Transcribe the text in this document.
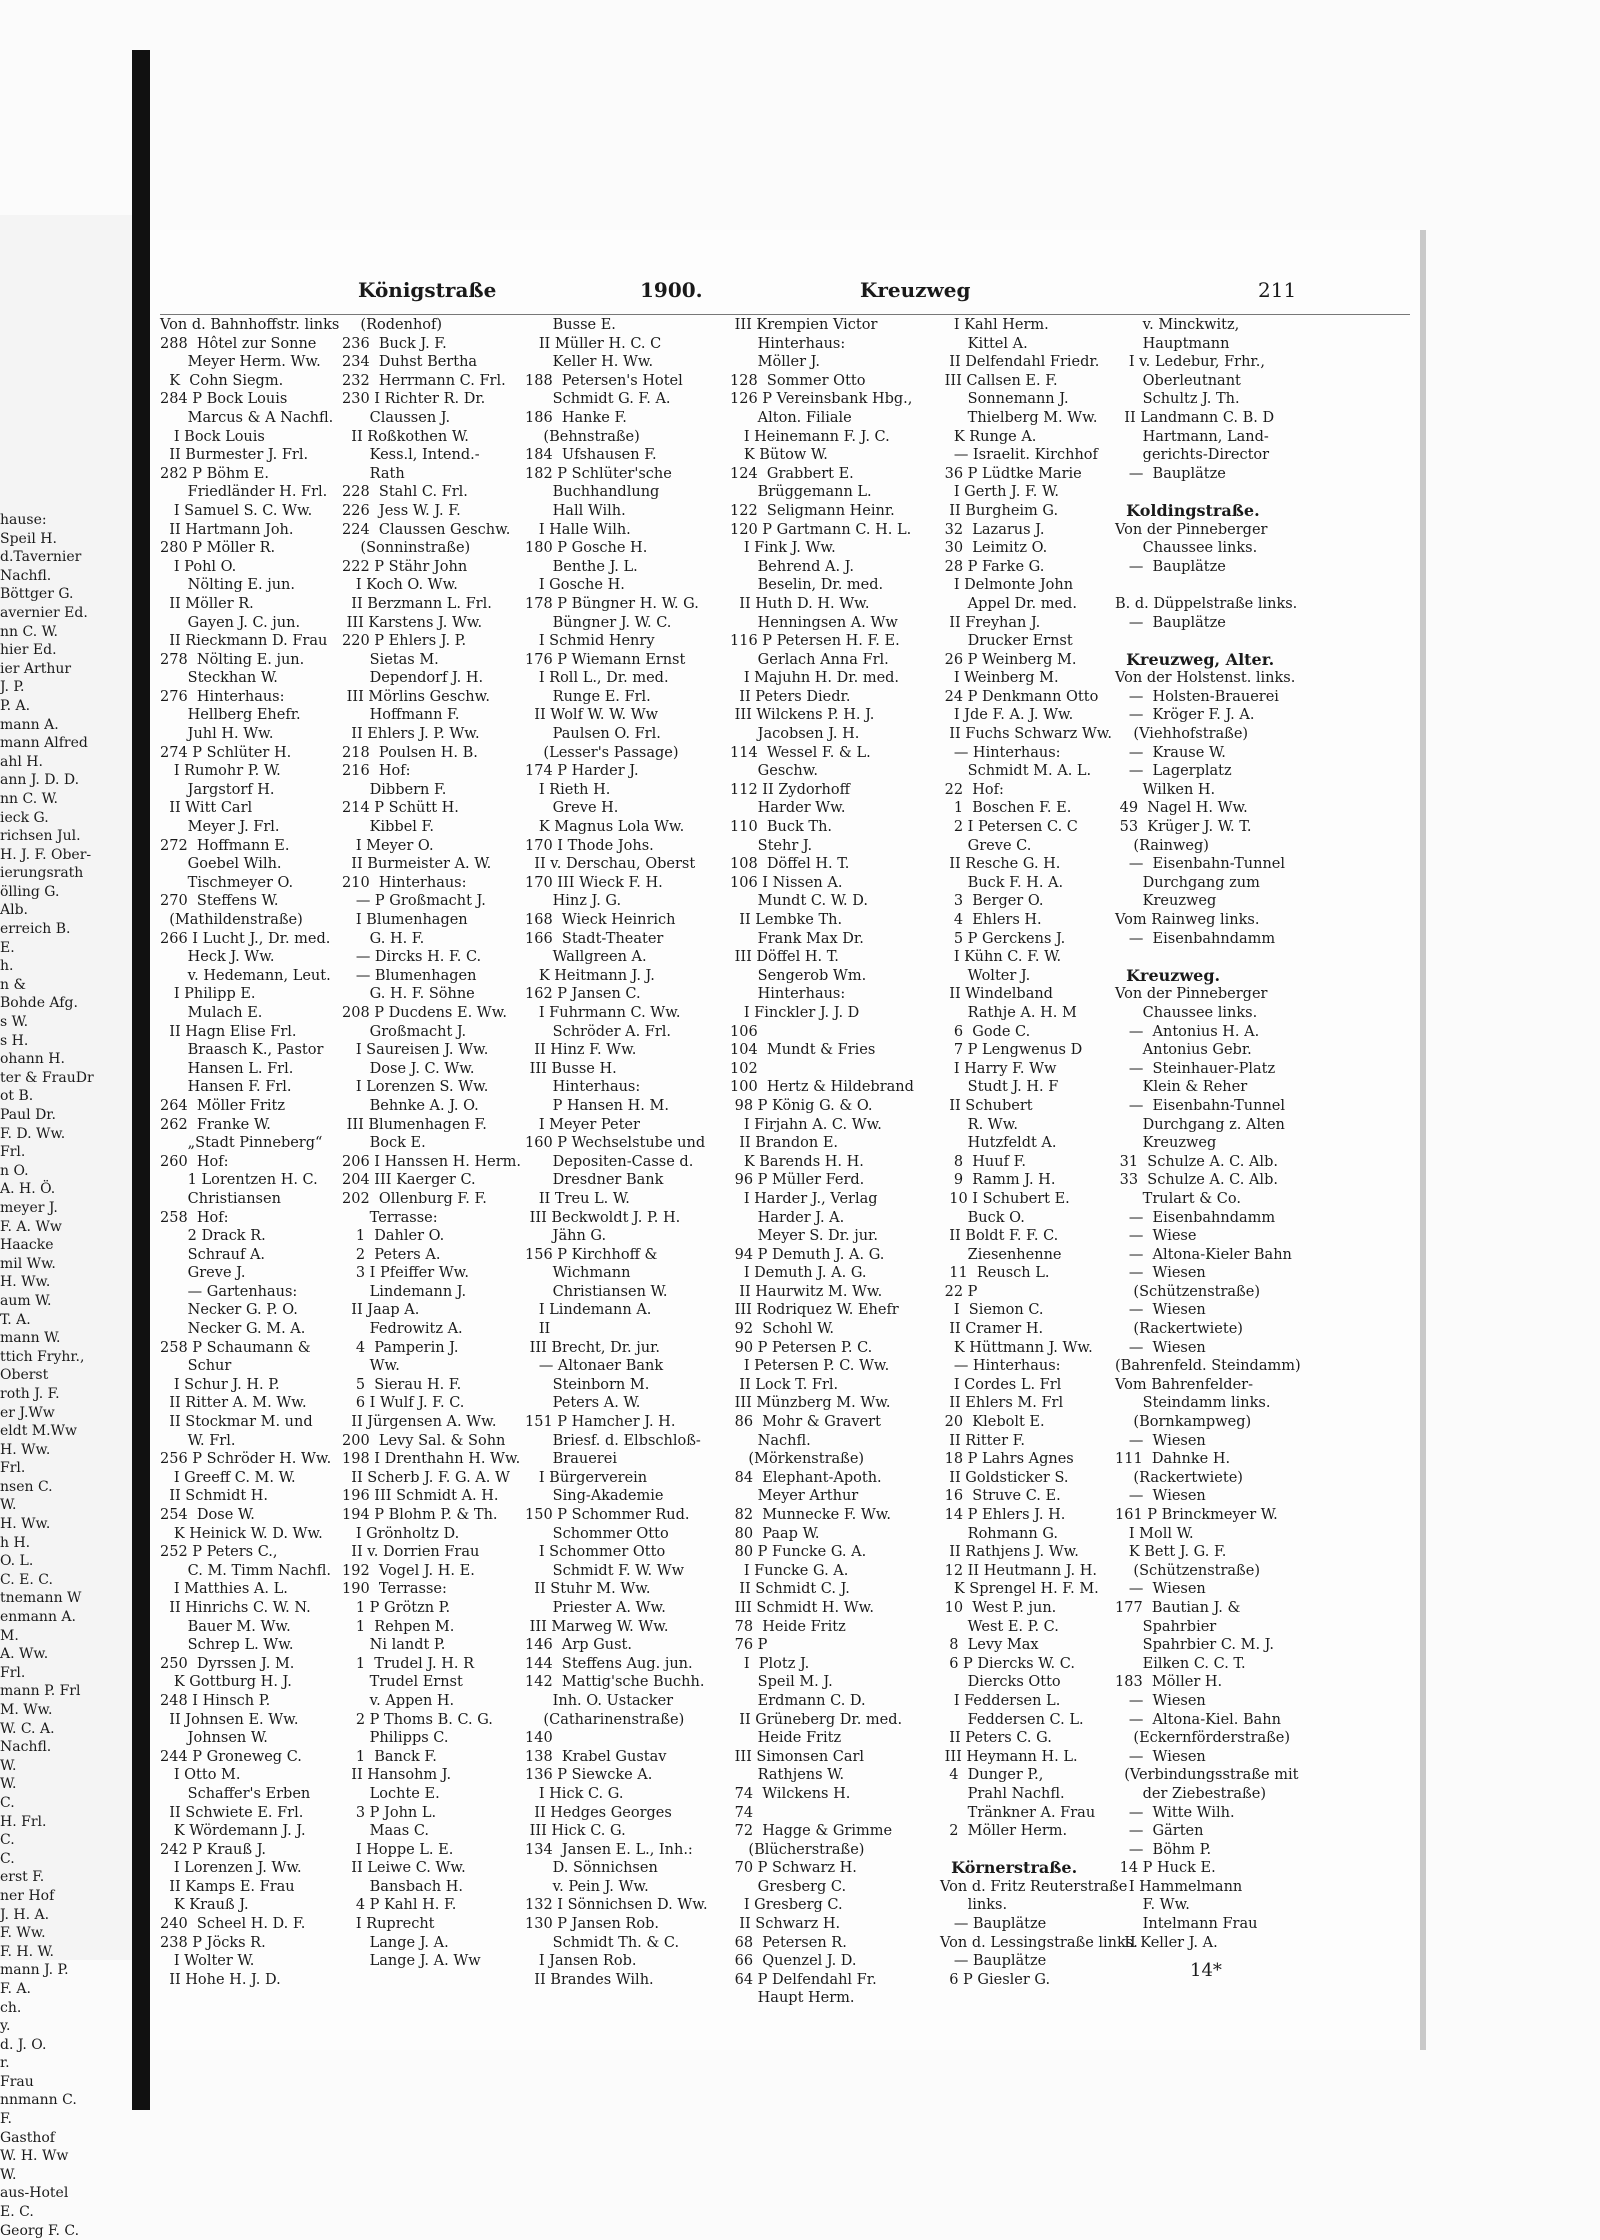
hause:
Speil H.
d.Tavernier
Nachfl.
Böttger G.
avernier Ed.
nn C. W.
hier Ed.
ier Arthur
J. P.
P. A.
mann A.
mann Alfred
ahl H.
ann J. D. D.
nn C. W.
ieck G.
richsen Jul.
H. J. F. Ober-
ierungsrath
ölling G.
Alb.
erreich B.
E.
h.
n &
Bohde Afg.
s W.
s H.
ohann H.
ter & FrauDr
ot B.
Paul Dr.
F. D. Ww.
Frl.
n O.
A. H. Ö.
meyer J.
F. A. Ww
Haacke
mil Ww.
H. Ww.
aum W.
T. A.
mann W.
ttich Fryhr.,
Oberst
roth J. F.
er J.Ww
eldt M.Ww
H. Ww.
Frl.
nsen C.
W.
H. Ww.
h H.
O. L.
C. E. C.
tnemann W
enmann A.
M.
A. Ww.
Frl.
mann P. Frl
M. Ww.
W. C. A.
Nachfl.
W.
W.
C.
H. Frl.
C.
C.
erst F.
ner Hof
J. H. A.
F. Ww.
F. H. W.
mann J. P.
F. A.
ch.
y.
d. J. O.
r.
Frau
nnmann C.
F.
Gasthof
W. H. Ww
W.
aus-Hotel
E. C.
Georg F. C.
Königstraße	1900.	Kreuzweg	211
Von d. Bahnhoffstr. links
288  Hôtel zur Sonne
Meyer Herm. Ww.
K  Cohn Siegm.
284 P Bock Louis
Marcus & A Nachfl.
I Bock Louis
II Burmester J. Frl.
282 P Böhm E.
Friedländer H. Frl.
I Samuel S. C. Ww.
II Hartmann Joh.
280 P Möller R.
I Pohl O.
Nölting E. jun.
II Möller R.
Gayen J. C. jun.
II Rieckmann D. Frau
278  Nölting E. jun.
Steckhan W.
276  Hinterhaus:
Hellberg Ehefr.
Juhl H. Ww.
274 P Schlüter H.
I Rumohr P. W.
Jargstorf H.
II Witt Carl
Meyer J. Frl.
272  Hoffmann E.
Goebel Wilh.
Tischmeyer O.
270  Steffens W.
(Mathildenstraße)
266 I Lucht J., Dr. med.
Heck J. Ww.
v. Hedemann, Leut.
I Philipp E.
Mulach E.
II Hagn Elise Frl.
Braasch K., Pastor
Hansen L. Frl.
Hansen F. Frl.
264  Möller Fritz
262  Franke W.
„Stadt Pinneberg“
260  Hof:
1 Lorentzen H. C.
Christiansen
258  Hof:
2 Drack R.
Schrauf A.
Greve J.
— Gartenhaus:
Necker G. P. O.
Necker G. M. A.
258 P Schaumann &
Schur
I Schur J. H. P.
II Ritter A. M. Ww.
II Stockmar M. und
W. Frl.
256 P Schröder H. Ww.
I Greeff C. M. W.
II Schmidt H.
254  Dose W.
K Heinick W. D. Ww.
252 P Peters C.,
C. M. Timm Nachfl.
I Matthies A. L.
II Hinrichs C. W. N.
Bauer M. Ww.
Schrep L. Ww.
250  Dyrssen J. M.
K Gottburg H. J.
248 I Hinsch P.
II Johnsen E. Ww.
Johnsen W.
244 P Groneweg C.
I Otto M.
Schaffer's Erben
II Schwiete E. Frl.
K Wördemann J. J.
242 P Krauß J.
I Lorenzen J. Ww.
II Kamps E. Frau
K Krauß J.
240  Scheel H. D. F.
238 P Jöcks R.
I Wolter W.
II Hohe H. J. D.
(Rodenhof)
236  Buck J. F.
234  Duhst Bertha
232  Herrmann C. Frl.
230 I Richter R. Dr.
Claussen J.
II Roßkothen W.
Kess.l, Intend.-
Rath
228  Stahl C. Frl.
226  Jess W. J. F.
224  Claussen Geschw.
(Sonninstraße)
222 P Stähr John
I Koch O. Ww.
II Berzmann L. Frl.
III Karstens J. Ww.
220 P Ehlers J. P.
Sietas M.
Dependorf J. H.
III Mörlins Geschw.
Hoffmann F.
II Ehlers J. P. Ww.
218  Poulsen H. B.
216  Hof:
Dibbern F.
214 P Schütt H.
Kibbel F.
I Meyer O.
II Burmeister A. W.
210  Hinterhaus:
— P Großmacht J.
I Blumenhagen
G. H. F.
— Dircks H. F. C.
— Blumenhagen
G. H. F. Söhne
208 P Ducdens E. Ww.
Großmacht J.
I Saureisen J. Ww.
Dose J. C. Ww.
I Lorenzen S. Ww.
Behnke A. J. O.
III Blumenhagen F.
Bock E.
206 I Hanssen H. Herm.
204 III Kaerger C.
202  Ollenburg F. F.
Terrasse:
1  Dahler O.
2  Peters A.
3 I Pfeiffer Ww.
Lindemann J.
II Jaap A.
Fedrowitz A.
4  Pamperin J.
Ww.
5  Sierau H. F.
6 I Wulf J. F. C.
II Jürgensen A. Ww.
200  Levy Sal. & Sohn
198 I Drenthahn H. Ww.
II Scherb J. F. G. A. W
196 III Schmidt A. H.
194 P Blohm P. & Th.
I Grönholtz D.
II v. Dorrien Frau
192  Vogel J. H. E.
190  Terrasse:
1 P Grötzn P.
1  Rehpen M.
Ni landt P.
1  Trudel J. H. R
Trudel Ernst
v. Appen H.
2 P Thoms B. C. G.
Philipps C.
1  Banck F.
II Hansohm J.
Lochte E.
3 P John L.
Maas C.
I Hoppe L. E.
II Leiwe C. Ww.
Bansbach H.
4 P Kahl H. F.
I Ruprecht
Lange J. A.
Lange J. A. Ww
Busse E.
II Müller H. C. C
Keller H. Ww.
188  Petersen's Hotel
Schmidt G. F. A.
186  Hanke F.
(Behnstraße)
184  Ufshausen F.
182 P Schlüter'sche
Buchhandlung
Hall Wilh.
I Halle Wilh.
180 P Gosche H.
Benthe J. L.
I Gosche H.
178 P Büngner H. W. G.
Büngner J. W. C.
I Schmid Henry
176 P Wiemann Ernst
I Roll L., Dr. med.
Runge E. Frl.
II Wolf W. W. Ww
Paulsen O. Frl.
(Lesser's Passage)
174 P Harder J.
I Rieth H.
Greve H.
K Magnus Lola Ww.
170 I Thode Johs.
II v. Derschau, Oberst
170 III Wieck F. H.
Hinz J. G.
168  Wieck Heinrich
166  Stadt-Theater
Wallgreen A.
K Heitmann J. J.
162 P Jansen C.
I Fuhrmann C. Ww.
Schröder A. Frl.
II Hinz F. Ww.
III Busse H.
Hinterhaus:
P Hansen H. M.
I Meyer Peter
160 P Wechselstube und
Depositen-Casse d.
Dresdner Bank
II Treu L. W.
III Beckwoldt J. P. H.
Jähn G.
156 P Kirchhoff &
Wichmann
Christiansen W.
I Lindemann A.
II
III Brecht, Dr. jur.
— Altonaer Bank
Steinborn M.
Peters A. W.
151 P Hamcher J. H.
Briesf. d. Elbschloß-
Brauerei
I Bürgerverein
Sing-Akademie
150 P Schommer Rud.
Schommer Otto
I Schommer Otto
Schmidt F. W. Ww
II Stuhr M. Ww.
Priester A. Ww.
III Marweg W. Ww.
146  Arp Gust.
144  Steffens Aug. jun.
142  Mattig'sche Buchh.
Inh. O. Ustacker
(Catharinenstraße)
140
138  Krabel Gustav
136 P Siewcke A.
I Hick C. G.
II Hedges Georges
III Hick C. G.
134  Jansen E. L., Inh.:
D. Sönnichsen
v. Pein J. Ww.
132 I Sönnichsen D. Ww.
130 P Jansen Rob.
Schmidt Th. & C.
I Jansen Rob.
II Brandes Wilh.
III Krempien Victor
Hinterhaus:
Möller J.
128  Sommer Otto
126 P Vereinsbank Hbg.,
Alton. Filiale
I Heinemann F. J. C.
K Bütow W.
124  Grabbert E.
Brüggemann L.
122  Seligmann Heinr.
120 P Gartmann C. H. L.
I Fink J. Ww.
Behrend A. J.
Beselin, Dr. med.
II Huth D. H. Ww.
Henningsen A. Ww
116 P Petersen H. F. E.
Gerlach Anna Frl.
I Majuhn H. Dr. med.
II Peters Diedr.
III Wilckens P. H. J.
Jacobsen J. H.
114  Wessel F. & L.
Geschw.
112 II Zydorhoff
Harder Ww.
110  Buck Th.
Stehr J.
108  Döffel H. T.
106 I Nissen A.
Mundt C. W. D.
II Lembke Th.
Frank Max Dr.
III Döffel H. T.
Sengerob Wm.
Hinterhaus:
I Finckler J. J. D
106
104  Mundt & Fries
102
100  Hertz & Hildebrand
98 P König G. & O.
I Firjahn A. C. Ww.
II Brandon E.
K Barends H. H.
96 P Müller Ferd.
I Harder J., Verlag
Harder J. A.
Meyer S. Dr. jur.
94 P Demuth J. A. G.
I Demuth J. A. G.
II Haurwitz M. Ww.
III Rodriquez W. Ehefr
92  Schohl W.
90 P Petersen P. C.
I Petersen P. C. Ww.
II Lock T. Frl.
III Münzberg M. Ww.
86  Mohr & Gravert
Nachfl.
(Mörkenstraße)
84  Elephant-Apoth.
Meyer Arthur
82  Munnecke F. Ww.
80  Paap W.
80 P Funcke G. A.
I Funcke G. A.
II Schmidt C. J.
III Schmidt H. Ww.
78  Heide Fritz
76 P
I  Plotz J.
Speil M. J.
Erdmann C. D.
II Grüneberg Dr. med.
Heide Fritz
III Simonsen Carl
Rathjens W.
74  Wilckens H.
74
72  Hagge & Grimme
(Blücherstraße)
70 P Schwarz H.
Gresberg C.
I Gresberg C.
II Schwarz H.
68  Petersen R.
66  Quenzel J. D.
64 P Delfendahl Fr.
Haupt Herm.
I Kahl Herm.
Kittel A.
II Delfendahl Friedr.
III Callsen E. F.
Sonnemann J.
Thielberg M. Ww.
K Runge A.
— Israelit. Kirchhof
36 P Lüdtke Marie
I Gerth J. F. W.
II Burgheim G.
32  Lazarus J.
30  Leimitz O.
28 P Farke G.
I Delmonte John
Appel Dr. med.
II Freyhan J.
Drucker Ernst
26 P Weinberg M.
I Weinberg M.
24 P Denkmann Otto
I Jde F. A. J. Ww.
II Fuchs Schwarz Ww.
— Hinterhaus:
Schmidt M. A. L.
22  Hof:
1  Boschen F. E.
2 I Petersen C. C
Greve C.
II Resche G. H.
Buck F. H. A.
3  Berger O.
4  Ehlers H.
5 P Gerckens J.
I Kühn C. F. W.
Wolter J.
II Windelband
Rathje A. H. M
6  Gode C.
7 P Lengwenus D
I Harry F. Ww
Studt J. H. F
II Schubert
R. Ww.
Hutzfeldt A.
8  Huuf F.
9  Ramm J. H.
10 I Schubert E.
Buck O.
II Boldt F. F. C.
Ziesenhenne
11  Reusch L.
22 P
I  Siemon C.
II Cramer H.
K Hüttmann J. Ww.
— Hinterhaus:
I Cordes L. Frl
II Ehlers M. Frl
20  Klebolt E.
II Ritter F.
18 P Lahrs Agnes
II Goldsticker S.
16  Struve C. E.
14 P Ehlers J. H.
Rohmann G.
II Rathjens J. Ww.
12 II Heutmann J. H.
K Sprengel H. F. M.
10  West P. jun.
West E. P. C.
8  Levy Max
6 P Diercks W. C.
Diercks Otto
I Feddersen L.
Feddersen C. L.
II Peters C. G.
III Heymann H. L.
4  Dunger P.,
Prahl Nachfl.
Tränkner A. Frau
2  Möller Herm.
Körnerstraße.
Von d. Fritz Reuterstraße
links.
— Bauplätze
Von d. Lessingstraße links.
— Bauplätze
6 P Giesler G.
v. Minckwitz,
Hauptmann
I v. Ledebur, Frhr.,
Oberleutnant
Schultz J. Th.
II Landmann C. B. D
Hartmann, Land-
gerichts-Director
—  Bauplätze
Koldingstraße.
Von der Pinneberger
Chaussee links.
—  Bauplätze
B. d. Düppelstraße links.
—  Bauplätze
Kreuzweg, Alter.
Von der Holstenst. links.
—  Holsten-Brauerei
—  Kröger F. J. A.
(Viehhofstraße)
—  Krause W.
—  Lagerplatz
Wilken H.
49  Nagel H. Ww.
53  Krüger J. W. T.
(Rainweg)
—  Eisenbahn-Tunnel
Durchgang zum
Kreuzweg
Vom Rainweg links.
—  Eisenbahndamm
Kreuzweg.
Von der Pinneberger
Chaussee links.
—  Antonius H. A.
Antonius Gebr.
—  Steinhauer-Platz
Klein & Reher
—  Eisenbahn-Tunnel
Durchgang z. Alten
Kreuzweg
31  Schulze A. C. Alb.
33  Schulze A. C. Alb.
Trulart & Co.
—  Eisenbahndamm
—  Wiese
—  Altona-Kieler Bahn
—  Wiesen
(Schützenstraße)
—  Wiesen
(Rackertwiete)
—  Wiesen
(Bahrenfeld. Steindamm)
Vom Bahrenfelder-
Steindamm links.
(Bornkampweg)
—  Wiesen
111  Dahnke H.
(Rackertwiete)
—  Wiesen
161 P Brinckmeyer W.
I Moll W.
K Bett J. G. F.
(Schützenstraße)
—  Wiesen
177  Bautian J. &
Spahrbier
Spahrbier C. M. J.
Eilken C. C. T.
183  Möller H.
—  Wiesen
—  Altona-Kiel. Bahn
(Eckernförderstraße)
—  Wiesen
(Verbindungsstraße mit
der Ziebestraße)
—  Witte Wilh.
—  Gärten
—  Böhm P.
14 P Huck E.
I Hammelmann
F. Ww.
Intelmann Frau
II Keller J. A.
14*
